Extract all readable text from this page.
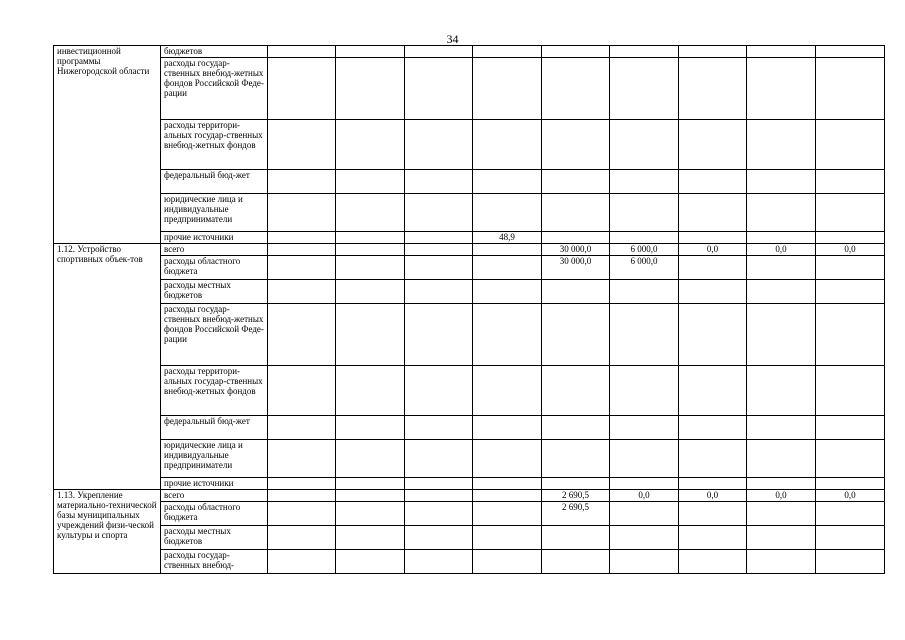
34
инвестиционной программы Нижегородской области	бюджетов									
	расходы государ-ственных внебюд-жетных фондов Российской Феде-рации									
	расходы территори-альных государ-ственных внебюд-жетных фондов									
	федеральный бюд-жет									
	юридические лица и индивидуальные предприниматели									
	прочие источники				48,9					
1.12. Устройство спортивных объек-тов	всего					30 000,0	6 000,0	0,0	0,0	0,0
	расходы областного бюджета					30 000,0	6 000,0			
	расходы местных бюджетов									
	расходы государ-ственных внебюд-жетных фондов Российской Феде-рации									
	расходы территори-альных государ-ственных внебюд-жетных фондов									
	федеральный бюд-жет									
	юридические лица и индивидуальные предприниматели									
	прочие источники									
1.13. Укрепление материально-технической базы муниципальных учреждений физи-ческой культуры и спорта	всего					2 690,5	0,0	0,0	0,0	0,0
	расходы областного бюджета					2 690,5				
	расходы местных бюджетов									
	расходы государ-ственных внебюд-									
